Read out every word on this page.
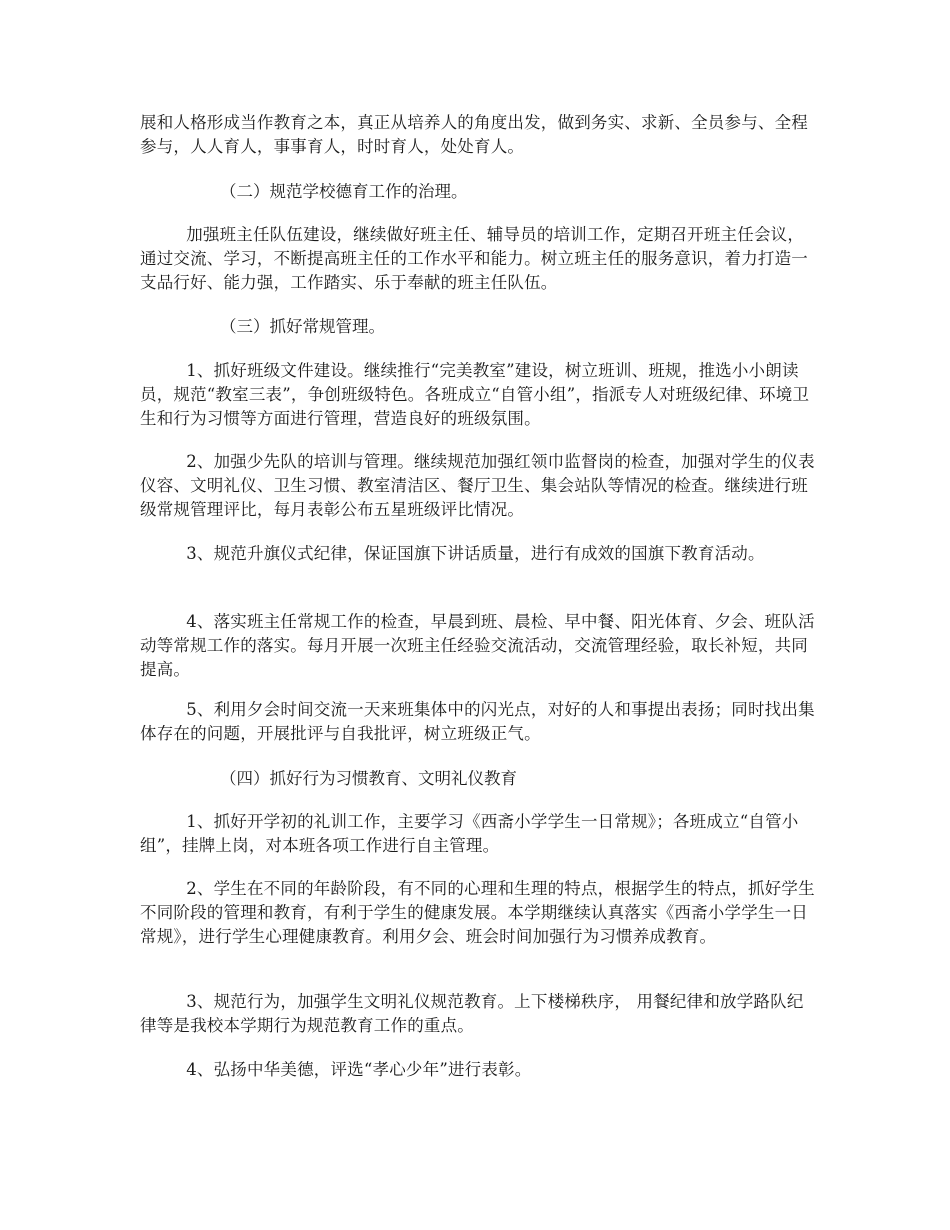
展和人格形成当作教育之本，真正从培养人的角度出发，做到务实、求新、全员参与、全程参与，人人育人，事事育人，时时育人，处处育人。

（二）规范学校德育工作的治理。

加强班主任队伍建设，继续做好班主任、辅导员的培训工作，定期召开班主任会议，通过交流、学习，不断提高班主任的工作水平和能力。树立班主任的服务意识，着力打造一支品行好、能力强，工作踏实、乐于奉献的班主任队伍。

（三）抓好常规管理。

1、抓好班级文件建设。继续推行“完美教室”建设，树立班训、班规，推选小小朗读员，规范“教室三表”，争创班级特色。各班成立“自管小组”，指派专人对班级纪律、环境卫生和行为习惯等方面进行管理，营造良好的班级氛围。

2、加强少先队的培训与管理。继续规范加强红领巾监督岗的检查，加强对学生的仪表仪容、文明礼仪、卫生习惯、教室清洁区、餐厅卫生、集会站队等情况的检查。继续进行班级常规管理评比，每月表彰公布五星班级评比情况。

3、规范升旗仪式纪律，保证国旗下讲话质量，进行有成效的国旗下教育活动。

4、落实班主任常规工作的检查，早晨到班、晨检、早中餐、阳光体育、夕会、班队活动等常规工作的落实。每月开展一次班主任经验交流活动，交流管理经验，取长补短，共同提高。

5、利用夕会时间交流一天来班集体中的闪光点，对好的人和事提出表扬；同时找出集体存在的问题，开展批评与自我批评，树立班级正气。

（四）抓好行为习惯教育、文明礼仪教育

1、抓好开学初的礼训工作，主要学习《西斋小学学生一日常规》；各班成立“自管小组”，挂牌上岗，对本班各项工作进行自主管理。

2、学生在不同的年龄阶段，有不同的心理和生理的特点，根据学生的特点，抓好学生不同阶段的管理和教育，有利于学生的健康发展。本学期继续认真落实《西斋小学学生一日常规》，进行学生心理健康教育。利用夕会、班会时间加强行为习惯养成教育。

3、规范行为，加强学生文明礼仪规范教育。上下楼梯秩序， 用餐纪律和放学路队纪律等是我校本学期行为规范教育工作的重点。

4、弘扬中华美德，评选“孝心少年”进行表彰。
